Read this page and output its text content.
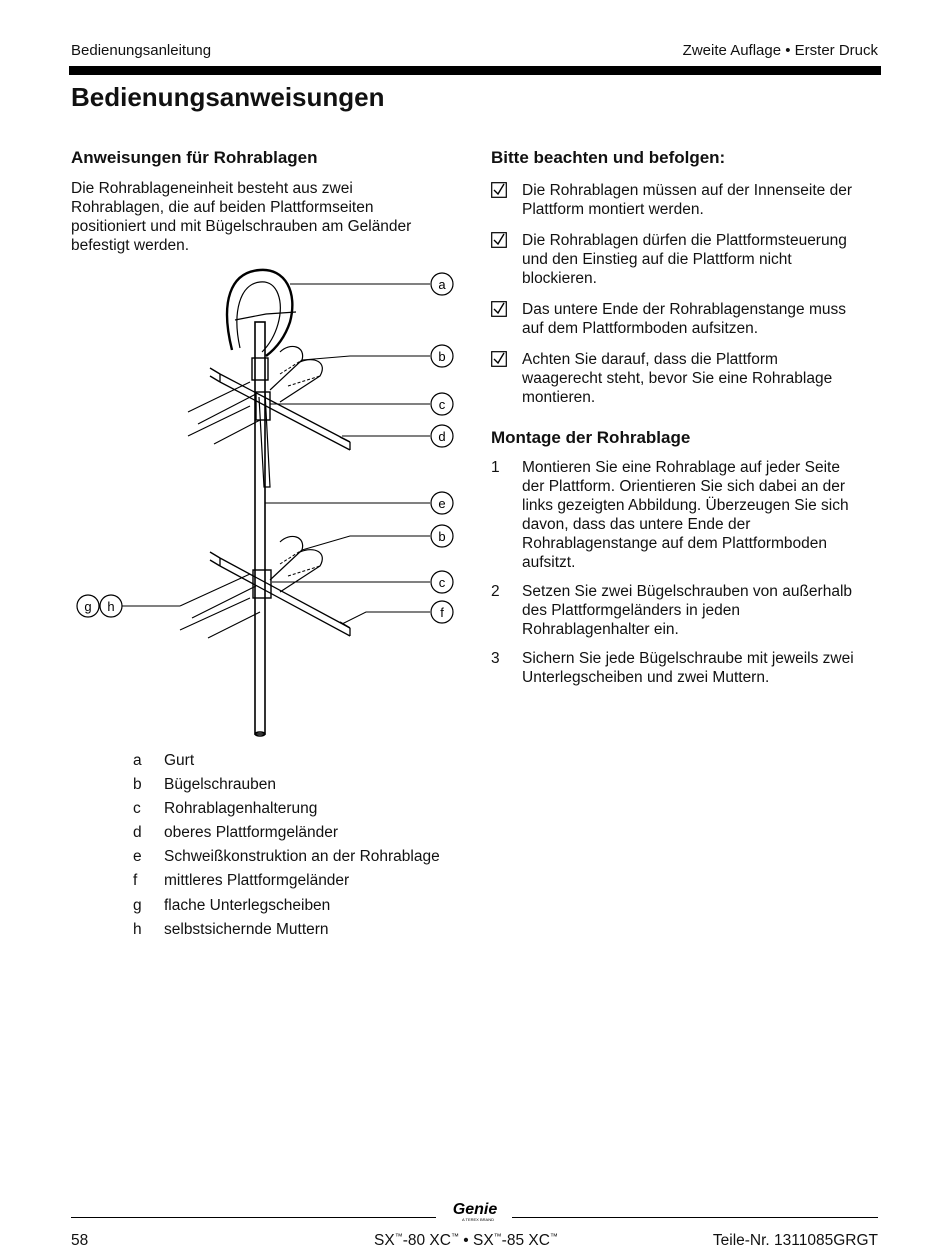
Bedienungsanleitung	Zweite Auflage • Erster Druck
Bedienungsanweisungen
Anweisungen für Rohrablagen
Die Rohrablageneinheit besteht aus zwei
Rohrablagen, die auf beiden Plattformseiten
positioniert und mit Bügelschrauben am Geländer
befestigt werden.
a
b
c
d
e
b
c
f
g h
a	Gurt
b	Bügelschrauben
c	Rohrablagenhalterung
d	oberes Plattformgeländer
e	Schweißkonstruktion an der Rohrablage
f	mittleres Plattformgeländer
g	flache Unterlegscheiben
h	selbstsichernde Muttern
Bitte beachten und befolgen:
Die Rohrablagen müssen auf der Innenseite der
Plattform montiert werden.
Die Rohrablagen dürfen die Plattformsteuerung
und den Einstieg auf die Plattform nicht
blockieren.
Das untere Ende der Rohrablagenstange muss
auf dem Plattformboden aufsitzen.
Achten Sie darauf, dass die Plattform
waagerecht steht, bevor Sie eine Rohrablage
montieren.
Montage der Rohrablage
1	Montieren Sie eine Rohrablage auf jeder Seite
der Plattform. Orientieren Sie sich dabei an der
links gezeigten Abbildung. Überzeugen Sie sich
davon, dass das untere Ende der
Rohrablagenstange auf dem Plattformboden
aufsitzt.
2	Setzen Sie zwei Bügelschrauben von außerhalb
des Plattformgeländers in jeden
Rohrablagenhalter ein.
3	Sichern Sie jede Bügelschraube mit jeweils zwei
Unterlegscheiben und zwei Muttern.
Genie
A TEREX BRAND
58	SX™-80 XC™ • SX™-85 XC™	Teile-Nr. 1311085GRGT
